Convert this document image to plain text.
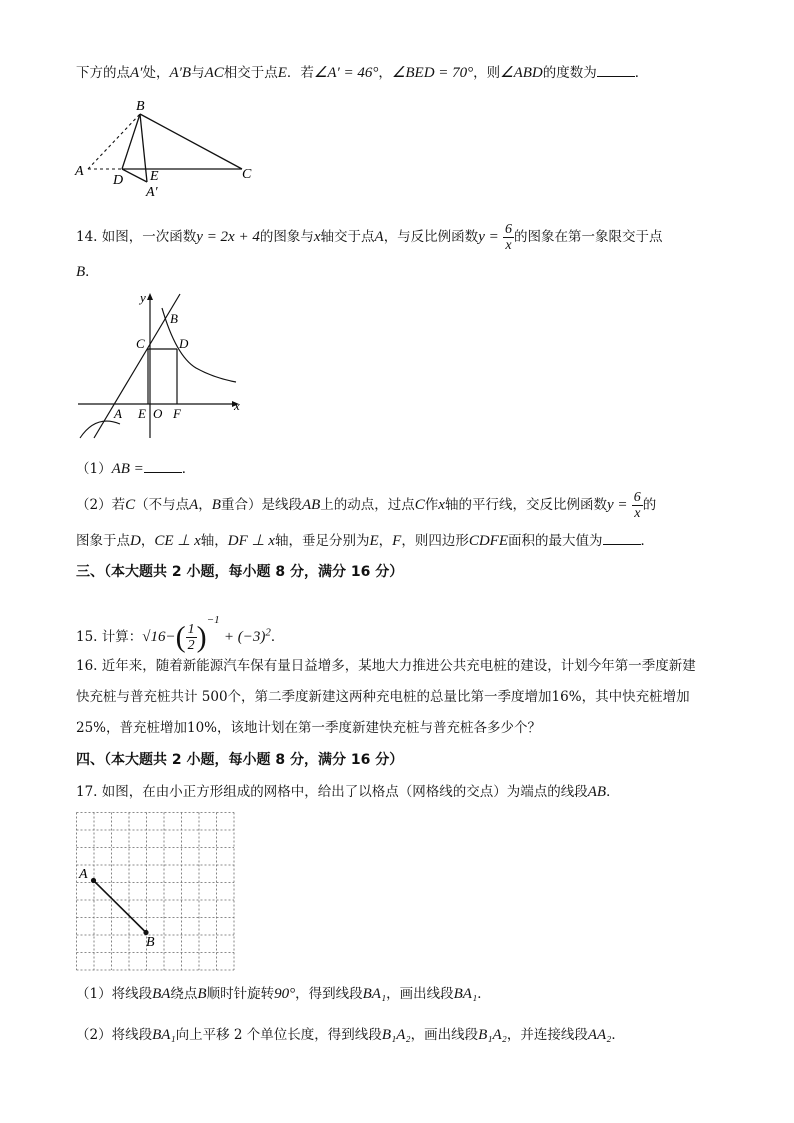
下方的点A′处，A′B与AC相交于点E．若∠A′ = 46°，∠BED = 70°，则∠ABD的度数为	．
B
A
D E	C
A′
14. 如图，一次函数y = 2x + 4的图象与x轴交于点A，与反比例函数$y = \frac{6}{x}$ 的图象在第一象限交于点
B．
y
x
B
C	D
A E O F
（1）AB =	．
（2）若C（不与点A，B重合）是线段AB上的动点，过点C作x轴的平行线，交反比例函数$y = \frac{6}{x}$ 的
图象于点D，CE ⊥ x轴，DF ⊥ x轴，垂足分别为E，F，则四边形CDFE面积的最大值为	．
三、（本大题共 2 小题，每小题 8 分，满分 16 分）
15. 计算：$√16-( \frac{1}{2} )^{-1} + (-3)^2$．
16. 近年来，随着新能源汽车保有量日益增多，某地大力推进公共充电桩的建设，计划今年第一季度新建
快充桩与普充桩共计 500个，第二季度新建这两种充电桩的总量比第一季度增加16%，其中快充桩增加
25%，普充桩增加10%，该地计划在第一季度新建快充桩与普充桩各多少个？
四、（本大题共 2 小题，每小题 8 分，满分 16 分）
17. 如图，在由小正方形组成的网格中，给出了以格点（网格线的交点）为端点的线段AB．
A
B
（1）将线段BA绕点B顺时针旋转90°，得到线段BA₁，画出线段BA₁．
（2）将线段BA₁向上平移 2 个单位长度，得到线段B₁A₂，画出线段B₁A₂，并连接线段AA₂．
